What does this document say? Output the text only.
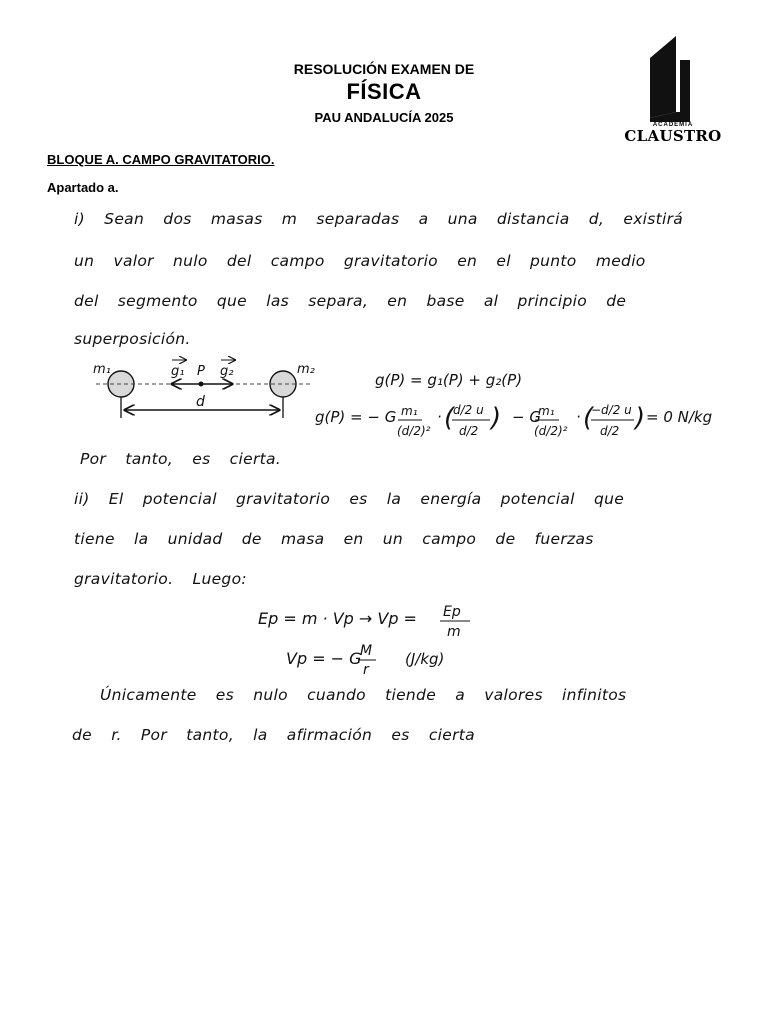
RESOLUCIÓN EXAMEN DE
FÍSICA
PAU ANDALUCÍA 2025	ACADEMIA
CLAUSTRO
BLOQUE A. CAMPO GRAVITATORIO.
Apartado a.
i) Sean dos masas m separadas a una distancia d, existirá
un valor nulo del campo gravitatorio en el punto medio
del segmento que las separa, en base al principio de
superposición.
Por tanto, es cierta.
ii) El potencial gravitatorio es la energía potencial que
tiene la unidad de masa en un campo de fuerzas
gravitatorio. Luego:
Únicamente es nulo cuando tiende a valores infinitos
de r. Por tanto, la afirmación es cierta
m₁	m₂
g₁ P g₂
d
g(P) = g₁(P) + g₂(P)
g(P) = − G m₁
(d/2)²
· (
d/2 u
d/2 ) − G
m₁
(d/2)²
· (
−d/2 u
d/2 ) = 0 N/kg
Ep = m · Vp → Vp = Ep
m
Vp = − G
M
r
(J/kg)
